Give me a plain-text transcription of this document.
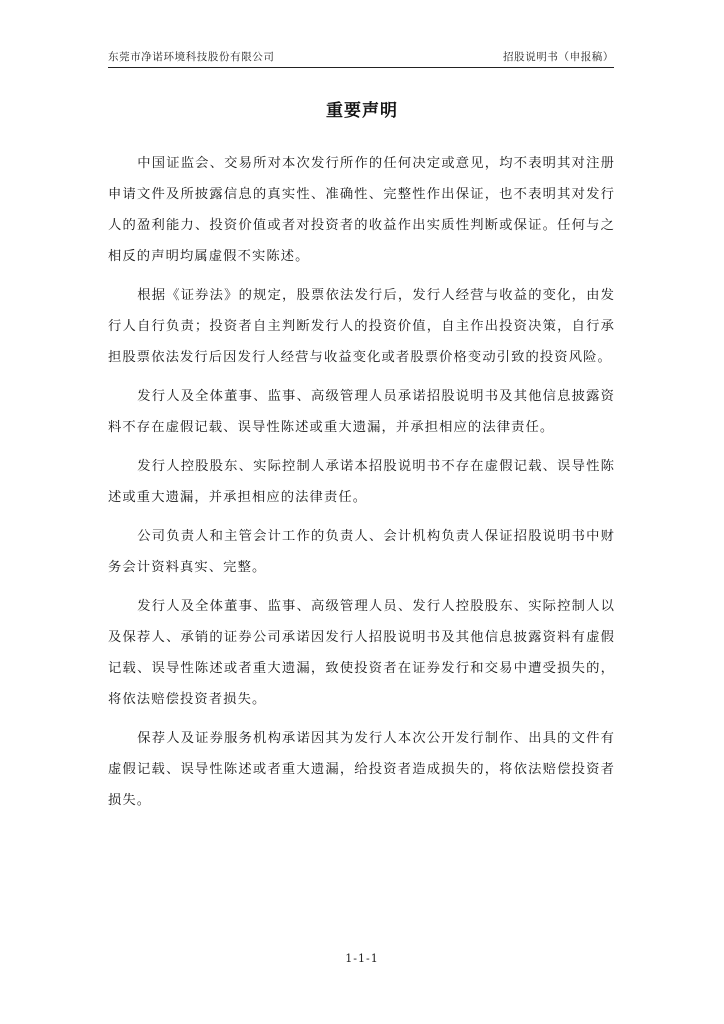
东莞市净诺环境科技股份有限公司	招股说明书（申报稿）
重要声明

中国证监会、交易所对本次发行所作的任何决定或意见，均不表明其对注册申请文件及所披露信息的真实性、准确性、完整性作出保证，也不表明其对发行人的盈利能力、投资价值或者对投资者的收益作出实质性判断或保证。任何与之相反的声明均属虚假不实陈述。

根据《证券法》的规定，股票依法发行后，发行人经营与收益的变化，由发行人自行负责；投资者自主判断发行人的投资价值，自主作出投资决策，自行承担股票依法发行后因发行人经营与收益变化或者股票价格变动引致的投资风险。

发行人及全体董事、监事、高级管理人员承诺招股说明书及其他信息披露资料不存在虚假记载、误导性陈述或重大遗漏，并承担相应的法律责任。

发行人控股股东、实际控制人承诺本招股说明书不存在虚假记载、误导性陈述或重大遗漏，并承担相应的法律责任。

公司负责人和主管会计工作的负责人、会计机构负责人保证招股说明书中财务会计资料真实、完整。

发行人及全体董事、监事、高级管理人员、发行人控股股东、实际控制人以及保荐人、承销的证券公司承诺因发行人招股说明书及其他信息披露资料有虚假记载、误导性陈述或者重大遗漏，致使投资者在证券发行和交易中遭受损失的，将依法赔偿投资者损失。

保荐人及证券服务机构承诺因其为发行人本次公开发行制作、出具的文件有虚假记载、误导性陈述或者重大遗漏，给投资者造成损失的，将依法赔偿投资者损失。

1-1-1
